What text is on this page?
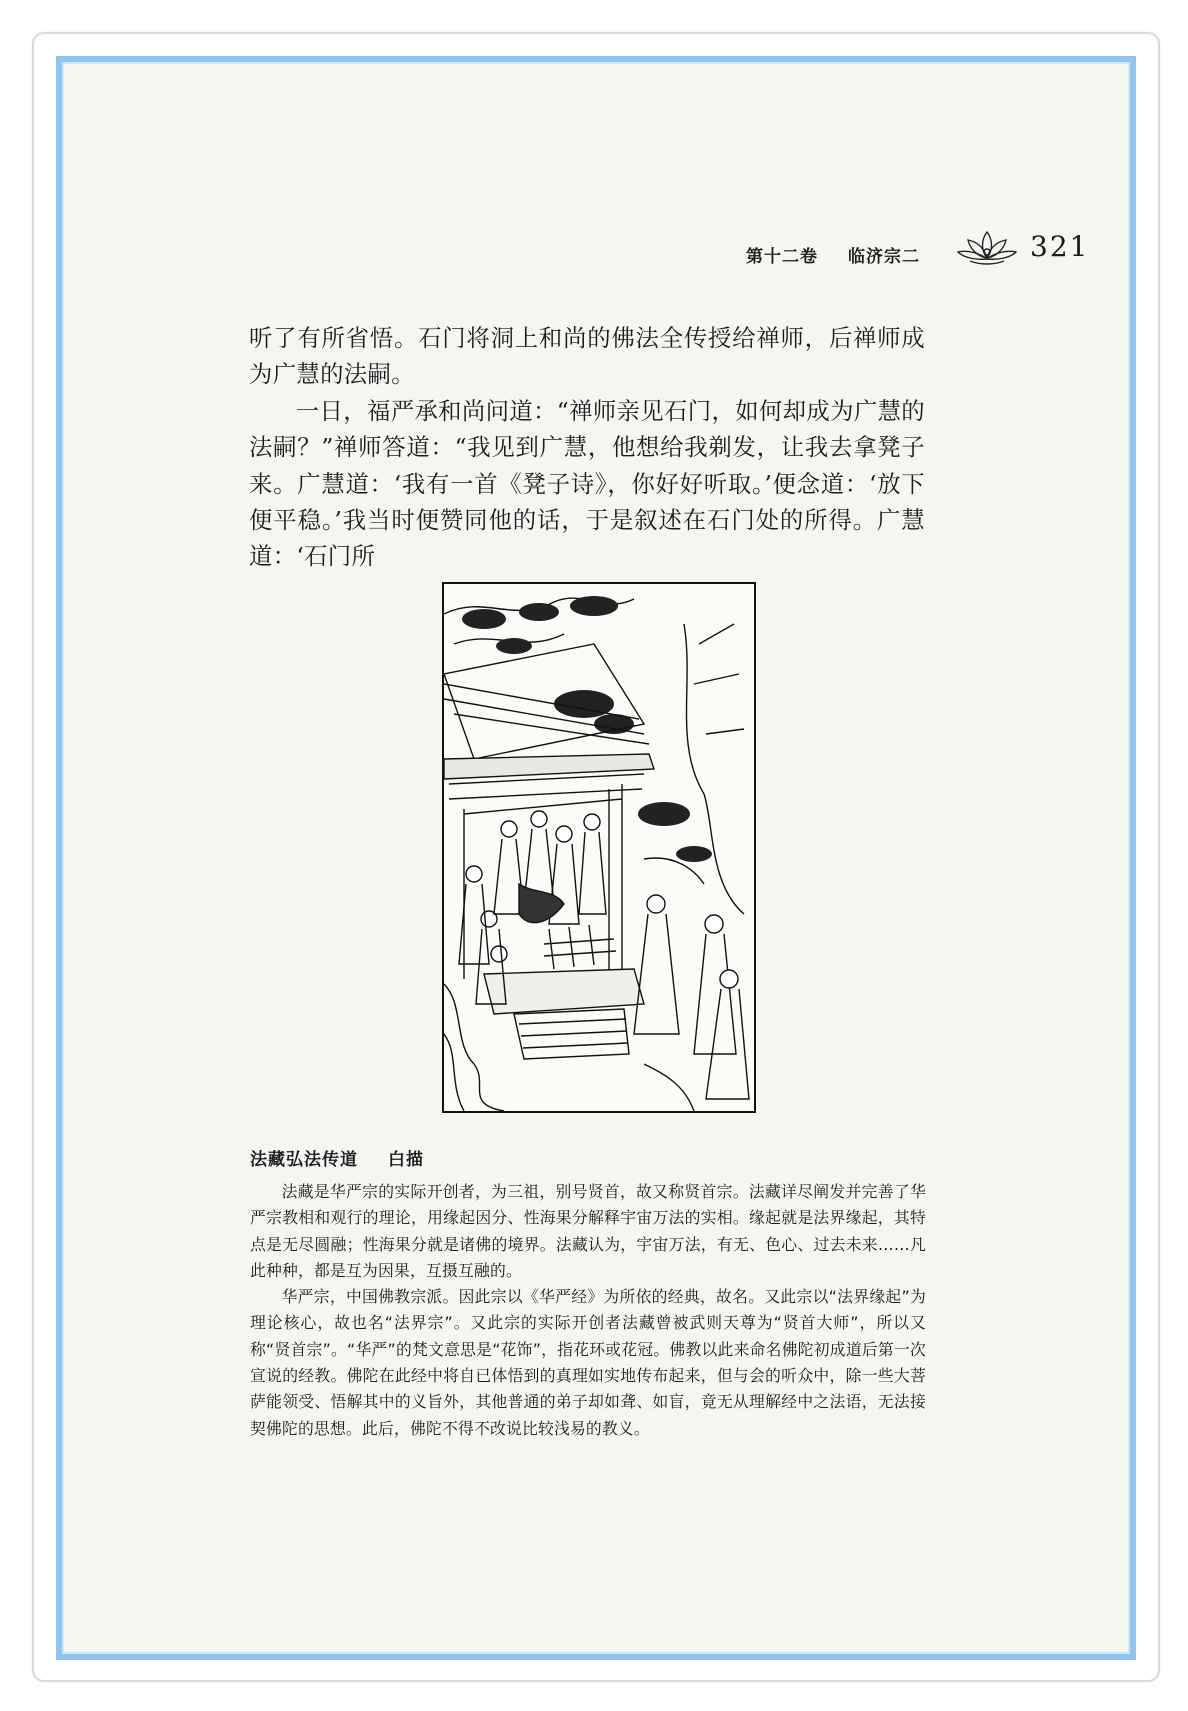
第十二卷 临济宗二	321

听了有所省悟。石门将洞上和尚的佛法全传授给禅师，后禅师成为广慧的法嗣。

一日，福严承和尚问道：“禅师亲见石门，如何却成为广慧的法嗣？”禅师答道：“我见到广慧，他想给我剃发，让我去拿凳子来。广慧道：‘我有一首《凳子诗》，你好好听取。’便念道：‘放下便平稳。’我当时便赞同他的话，于是叙述在石门处的所得。广慧道：‘石门所

法藏弘法传道 白描

法藏是华严宗的实际开创者，为三祖，别号贤首，故又称贤首宗。法藏详尽阐发并完善了华严宗教相和观行的理论，用缘起因分、性海果分解释宇宙万法的实相。缘起就是法界缘起，其特点是无尽圆融；性海果分就是诸佛的境界。法藏认为，宇宙万法，有无、色心、过去未来……凡此种种，都是互为因果，互摄互融的。

华严宗，中国佛教宗派。因此宗以《华严经》为所依的经典，故名。又此宗以“法界缘起”为理论核心，故也名“法界宗”。又此宗的实际开创者法藏曾被武则天尊为“贤首大师”，所以又称“贤首宗”。“华严”的梵文意思是“花饰”，指花环或花冠。佛教以此来命名佛陀初成道后第一次宣说的经教。佛陀在此经中将自已体悟到的真理如实地传布起来，但与会的听众中，除一些大菩萨能领受、悟解其中的义旨外，其他普通的弟子却如聋、如盲，竟无从理解经中之法语，无法接契佛陀的思想。此后，佛陀不得不改说比较浅易的教义。
